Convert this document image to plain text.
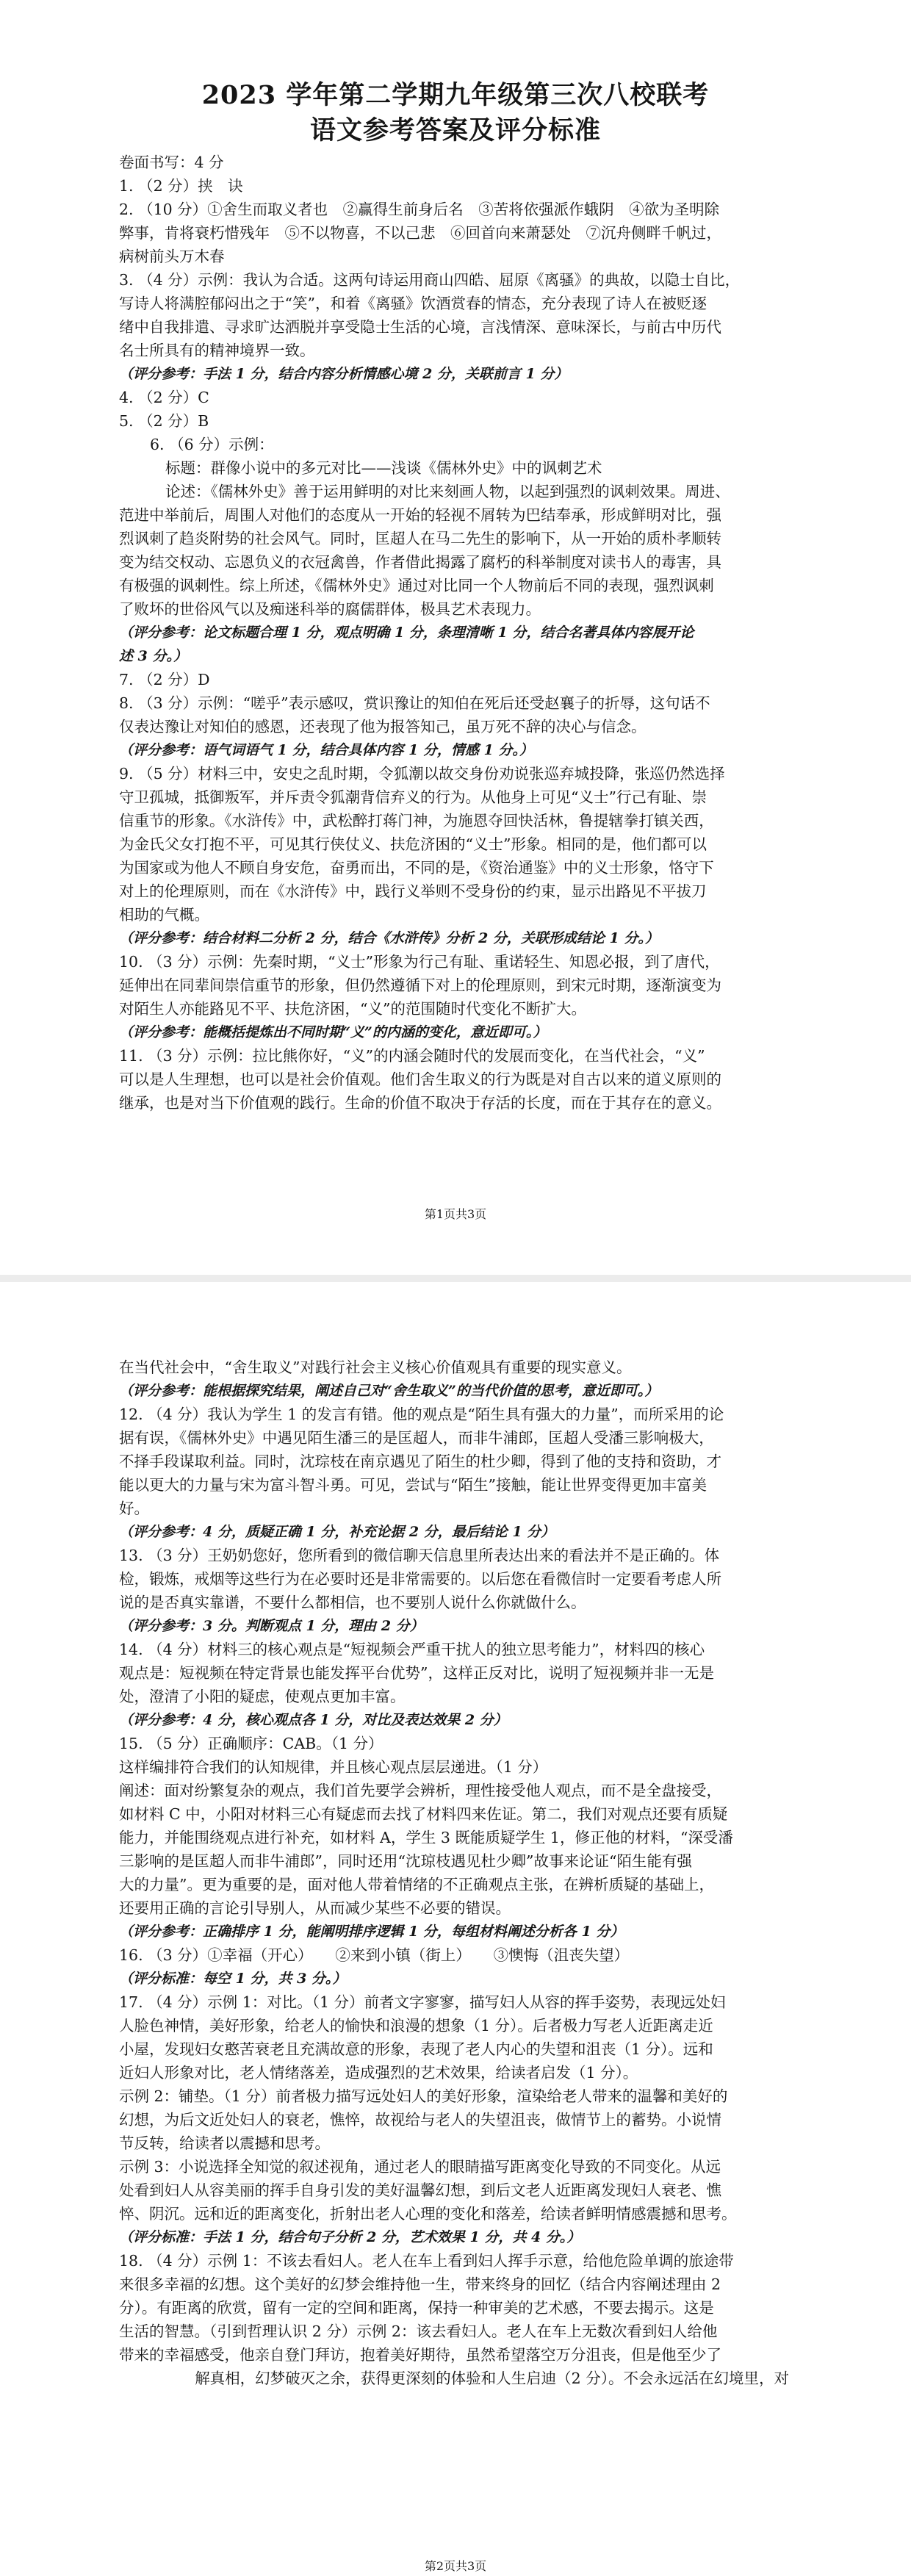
2023 学年第二学期九年级第三次八校联考
语文参考答案及评分标准
卷面书写：4 分
1. （2 分）挟　诀
2. （10 分）①舍生而取义者也　②赢得生前身后名　③苦将依强派作蛾阴　④欲为圣明除
弊事，肯将衰朽惜残年　⑤不以物喜，不以己悲　⑥回首向来萧瑟处　⑦沉舟侧畔千帆过，
病树前头万木春
3. （4 分）示例：我认为合适。这两句诗运用商山四皓、屈原《离骚》的典故，以隐士自比，
写诗人将满腔郁闷出之于“笑”，和着《离骚》饮酒赏春的情态，充分表现了诗人在被贬逐
绪中自我排遣、寻求旷达洒脱并享受隐士生活的心境，言浅情深、意味深长，与前古中历代
名士所具有的精神境界一致。
（评分参考：手法 1 分，结合内容分析情感心境 2 分，关联前言 1 分）
4. （2 分）C
5. （2 分）B
6. （6 分）示例：
标题：群像小说中的多元对比——浅谈《儒林外史》中的讽刺艺术
论述：《儒林外史》善于运用鲜明的对比来刻画人物，以起到强烈的讽刺效果。周进、
范进中举前后，周围人对他们的态度从一开始的轻视不屑转为巴结奉承，形成鲜明对比，强
烈讽刺了趋炎附势的社会风气。同时，匡超人在马二先生的影响下，从一开始的质朴孝顺转
变为结交权动、忘恩负义的衣冠禽兽，作者借此揭露了腐朽的科举制度对读书人的毒害，具
有极强的讽刺性。综上所述，《儒林外史》通过对比同一个人物前后不同的表现，强烈讽刺
了败坏的世俗风气以及痴迷科举的腐儒群体，极具艺术表现力。
（评分参考：论文标题合理 1 分，观点明确 1 分，条理清晰 1 分，结合名著具体内容展开论
述 3 分。）
7. （2 分）D
8. （3 分）示例：“嗟乎”表示感叹，赏识豫让的知伯在死后还受赵襄子的折辱，这句话不
仅表达豫让对知伯的感恩，还表现了他为报答知己，虽万死不辞的决心与信念。
（评分参考：语气词语气 1 分，结合具体内容 1 分，情感 1 分。）
9. （5 分）材料三中，安史之乱时期，令狐潮以故交身份劝说张巡弃城投降，张巡仍然选择
守卫孤城，抵御叛军，并斥责令狐潮背信弃义的行为。从他身上可见“义士”行己有耻、崇
信重节的形象。《水浒传》中，武松醉打蒋门神，为施恩夺回快活林，鲁提辖拳打镇关西，
为金氏父女打抱不平，可见其行侠仗义、扶危济困的“义士”形象。相同的是，他们都可以
为国家或为他人不顾自身安危，奋勇而出，不同的是，《资治通鉴》中的义士形象，恪守下
对上的伦理原则，而在《水浒传》中，践行义举则不受身份的约束，显示出路见不平拔刀
相助的气概。
（评分参考：结合材料二分析 2 分，结合《水浒传》分析 2 分，关联形成结论 1 分。）
10. （3 分）示例：先秦时期，“义士”形象为行己有耻、重诺轻生、知恩必报，到了唐代，
延伸出在同辈间崇信重节的形象，但仍然遵循下对上的伦理原则，到宋元时期，逐渐演变为
对陌生人亦能路见不平、扶危济困，“义”的范围随时代变化不断扩大。
（评分参考：能概括提炼出不同时期“义”的内涵的变化，意近即可。）
11. （3 分）示例：拉比熊你好，“义”的内涵会随时代的发展而变化，在当代社会，“义”
可以是人生理想，也可以是社会价值观。他们舍生取义的行为既是对自古以来的道义原则的
继承，也是对当下价值观的践行。生命的价值不取决于存活的长度，而在于其存在的意义。
第1页共3页
在当代社会中，“舍生取义”对践行社会主义核心价值观具有重要的现实意义。
（评分参考：能根据探究结果，阐述自己对“舍生取义”的当代价值的思考，意近即可。）
12. （4 分）我认为学生 1 的发言有错。他的观点是“陌生具有强大的力量”，而所采用的论
据有误，《儒林外史》中遇见陌生潘三的是匡超人，而非牛浦郎，匡超人受潘三影响极大，
不择手段谋取利益。同时，沈琮枝在南京遇见了陌生的杜少卿，得到了他的支持和资助，才
能以更大的力量与宋为富斗智斗勇。可见，尝试与“陌生”接触，能让世界变得更加丰富美
好。
（评分参考：4 分，质疑正确 1 分，补充论据 2 分，最后结论 1 分）
13. （3 分）王奶奶您好，您所看到的微信聊天信息里所表达出来的看法并不是正确的。体
检，锻炼，戒烟等这些行为在必要时还是非常需要的。以后您在看微信时一定要看考虑人所
说的是否真实靠谱，不要什么都相信，也不要别人说什么你就做什么。
（评分参考：3 分。判断观点 1 分，理由 2 分）
14. （4 分）材料三的核心观点是“短视频会严重干扰人的独立思考能力”，材料四的核心
观点是：短视频在特定背景也能发挥平台优势”，这样正反对比，说明了短视频并非一无是
处，澄清了小阳的疑虑，使观点更加丰富。
（评分参考：4 分，核心观点各 1 分，对比及表达效果 2 分）
15. （5 分）正确顺序：CAB。（1 分）
这样编排符合我们的认知规律，并且核心观点层层递进。（1 分）
阐述：面对纷繁复杂的观点，我们首先要学会辨析，理性接受他人观点，而不是全盘接受，
如材料 C 中，小阳对材料三心有疑虑而去找了材料四来佐证。第二，我们对观点还要有质疑
能力，并能围绕观点进行补充，如材料 A，学生 3 既能质疑学生 1，修正他的材料，“深受潘
三影响的是匡超人而非牛浦郎”，同时还用“沈琼枝遇见杜少卿”故事来论证“陌生能有强
大的力量”。更为重要的是，面对他人带着情绪的不正确观点主张，在辨析质疑的基础上，
还要用正确的言论引导别人，从而减少某些不必要的错误。
（评分参考：正确排序 1 分，能阐明排序逻辑 1 分，每组材料阐述分析各 1 分）
16. （3 分）①幸福（开心）　　②来到小镇（街上）　　③懊悔（沮丧失望）
（评分标准：每空 1 分，共 3 分。）
17. （4 分）示例 1：对比。（1 分）前者文字寥寥，描写妇人从容的挥手姿势，表现远处妇
人脸色神情，美好形象，给老人的愉快和浪漫的想象（1 分）。后者极力写老人近距离走近
小屋，发现妇女憨苦衰老且充满故意的形象，表现了老人内心的失望和沮丧（1 分）。远和
近妇人形象对比，老人情绪落差，造成强烈的艺术效果，给读者启发（1 分）。
示例 2：铺垫。（1 分）前者极力描写远处妇人的美好形象，渲染给老人带来的温馨和美好的
幻想，为后文近处妇人的衰老，憔悴，故视给与老人的失望沮丧，做情节上的蓄势。小说情
节反转，给读者以震撼和思考。
示例 3：小说选择全知觉的叙述视角，通过老人的眼睛描写距离变化导致的不同变化。从远
处看到妇人从容美丽的挥手自身引发的美好温馨幻想，到后文老人近距离发现妇人衰老、憔
悴、阴沉。远和近的距离变化，折射出老人心理的变化和落差，给读者鲜明情感震撼和思考。
（评分标准：手法 1 分，结合句子分析 2 分，艺术效果 1 分，共 4 分。）
18. （4 分）示例 1：不该去看妇人。老人在车上看到妇人挥手示意，给他危险单调的旅途带
来很多幸福的幻想。这个美好的幻梦会维持他一生，带来终身的回忆（结合内容阐述理由 2
分）。有距离的欣赏，留有一定的空间和距离，保持一种审美的艺术感，不要去揭示。这是
生活的智慧。（引到哲理认识 2 分）示例 2：该去看妇人。老人在车上无数次看到妇人给他
带来的幸福感受，他亲自登门拜访，抱着美好期待，虽然希望落空万分沮丧，但是他至少了
解真相，幻梦破灭之余，获得更深刻的体验和人生启迪（2 分）。不会永远活在幻境里，对
第2页共3页
